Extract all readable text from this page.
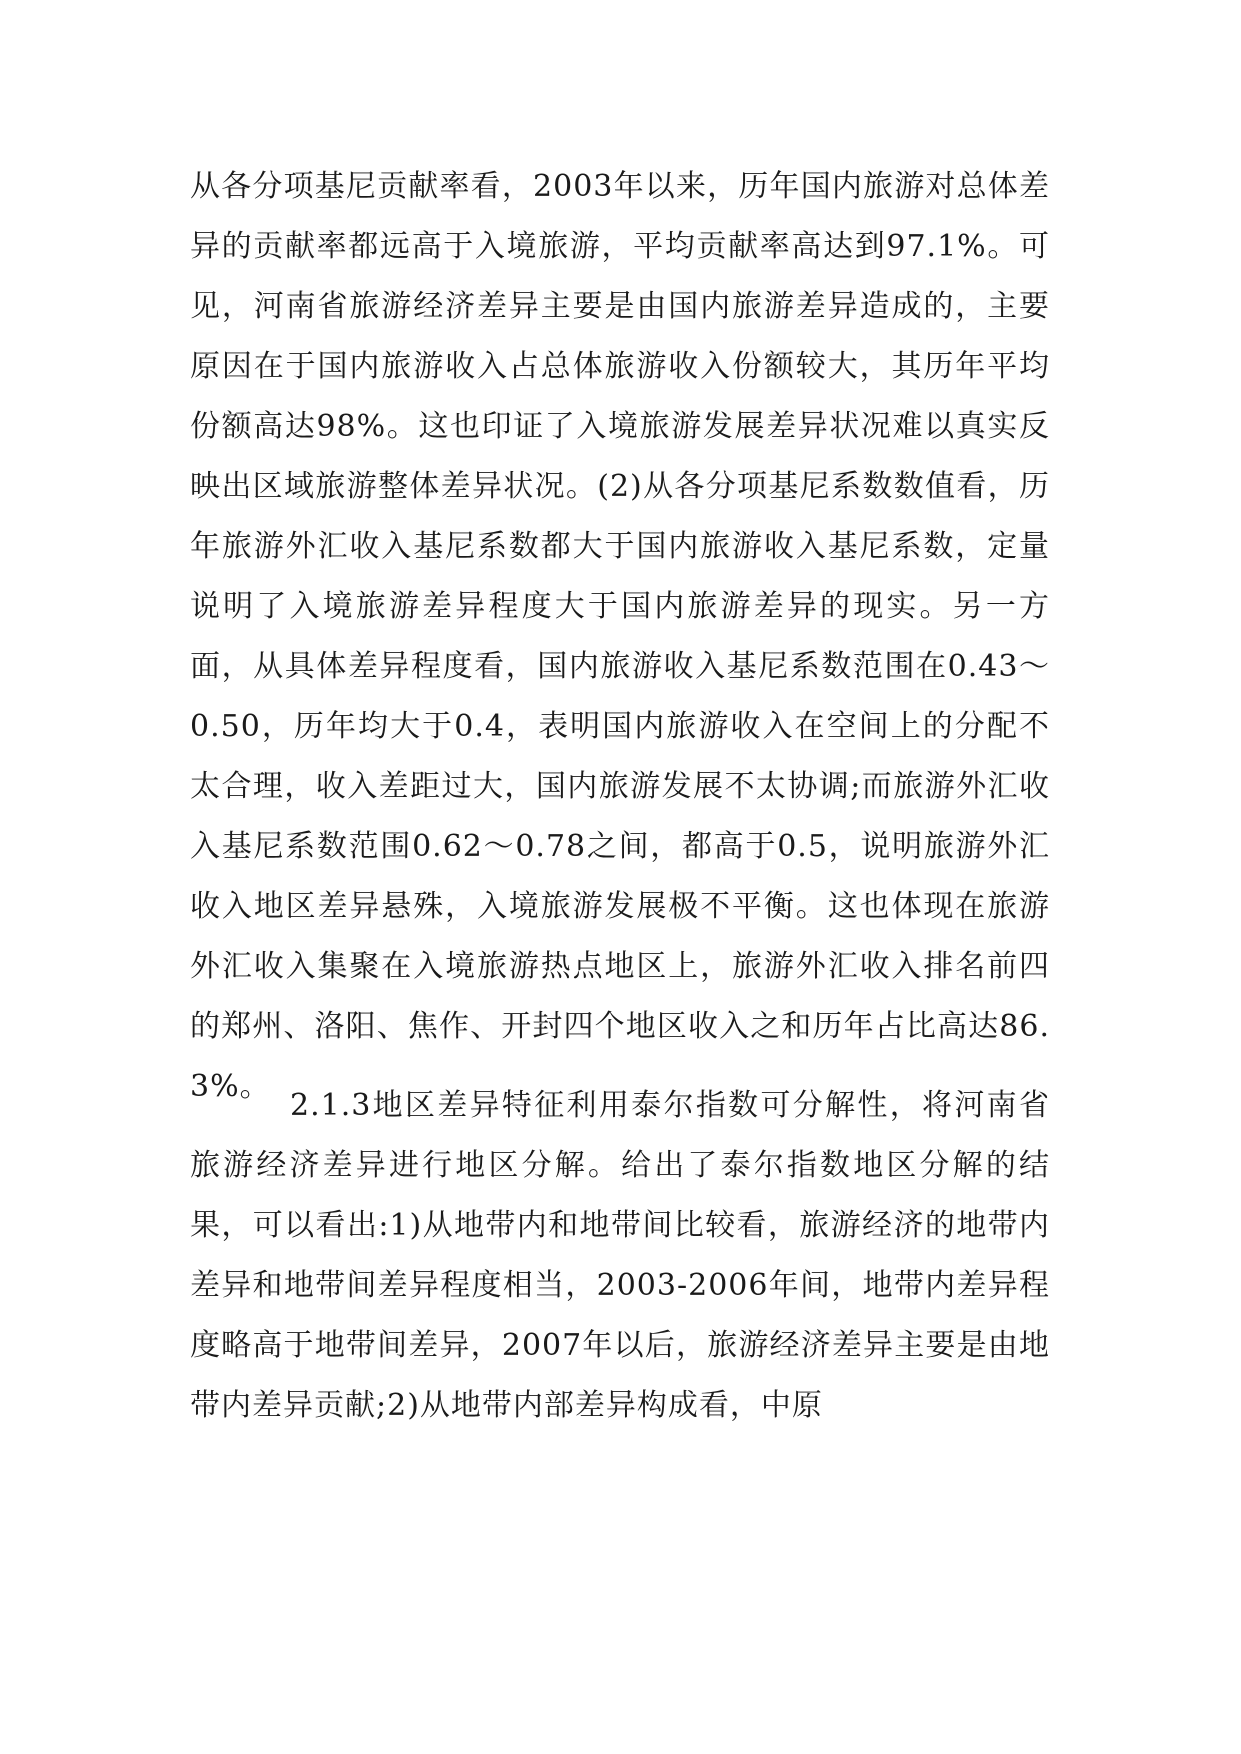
从各分项基尼贡献率看，2003年以来，历年国内旅游对总体差异的贡献率都远高于入境旅游，平均贡献率高达到97.1%。可见，河南省旅游经济差异主要是由国内旅游差异造成的，主要原因在于国内旅游收入占总体旅游收入份额较大，其历年平均份额高达98%。这也印证了入境旅游发展差异状况难以真实反映出区域旅游整体差异状况。(2)从各分项基尼系数数值看，历年旅游外汇收入基尼系数都大于国内旅游收入基尼系数，定量说明了入境旅游差异程度大于国内旅游差异的现实。另一方面，从具体差异程度看，国内旅游收入基尼系数范围在0.43～0.50，历年均大于0.4，表明国内旅游收入在空间上的分配不太合理，收入差距过大，国内旅游发展不太协调;而旅游外汇收入基尼系数范围0.62～0.78之间，都高于0.5，说明旅游外汇收入地区差异悬殊，入境旅游发展极不平衡。这也体现在旅游外汇收入集聚在入境旅游热点地区上，旅游外汇收入排名前四的郑州、洛阳、焦作、开封四个地区收入之和历年占比高达86.3%。

2.1.3地区差异特征利用泰尔指数可分解性，将河南省旅游经济差异进行地区分解。给出了泰尔指数地区分解的结果，可以看出:1)从地带内和地带间比较看，旅游经济的地带内差异和地带间差异程度相当，2003-2006年间，地带内差异程度略高于地带间差异，2007年以后，旅游经济差异主要是由地带内差异贡献;2)从地带内部差异构成看，中原
